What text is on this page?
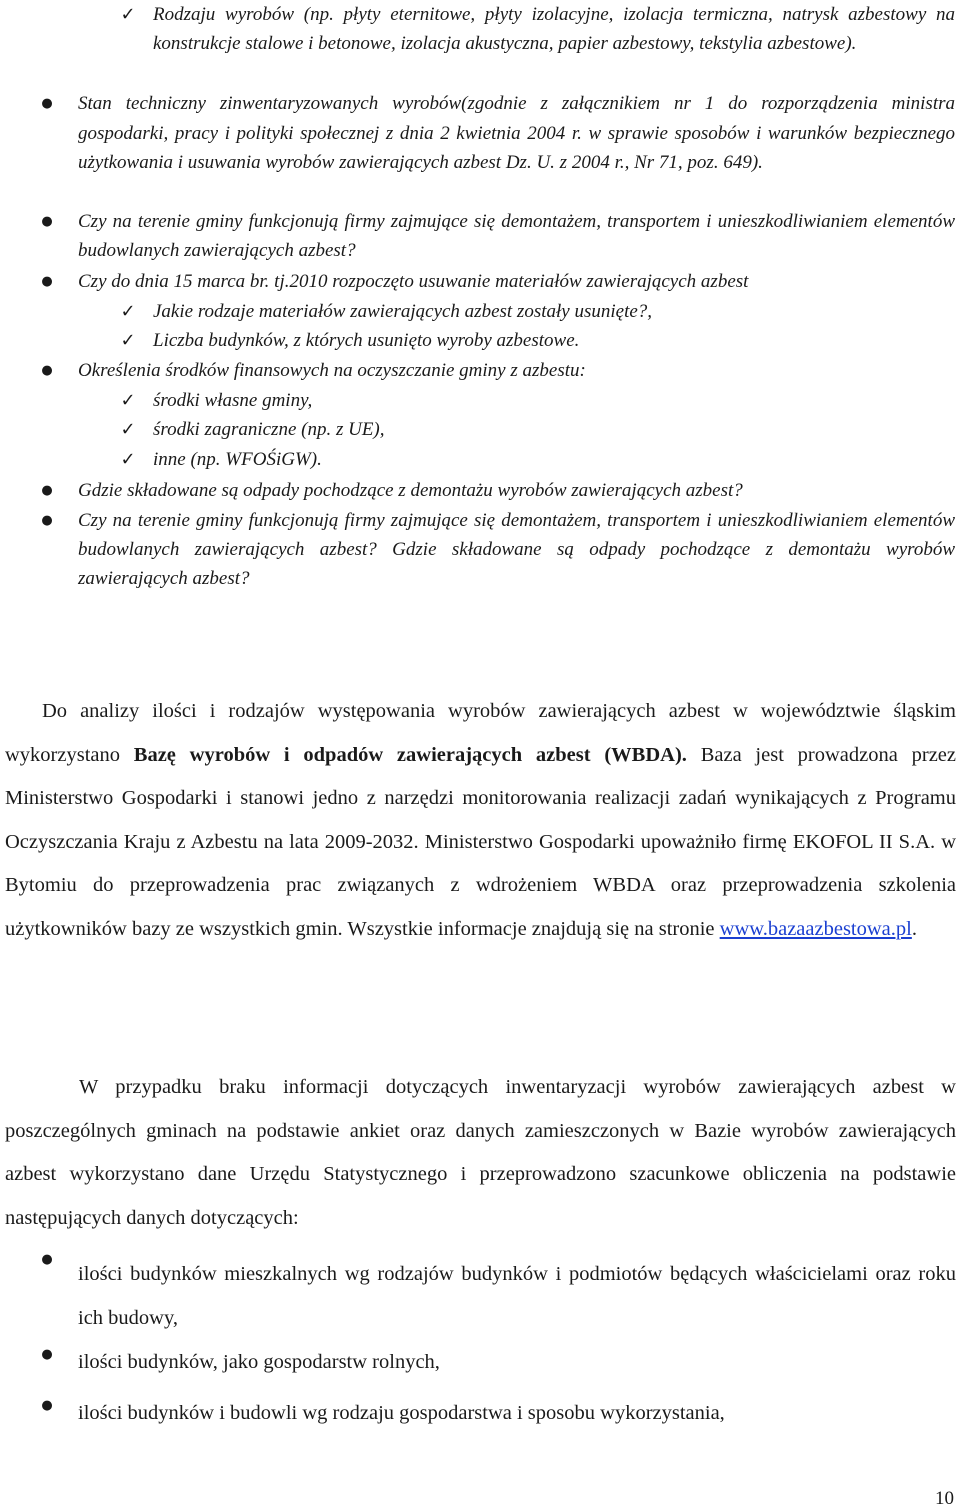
✓ Rodzaju wyrobów (np. płyty eternitowe, płyty izolacyjne, izolacja termiczna, natrysk azbestowy na konstrukcje stalowe i betonowe, izolacja akustyczna, papier azbestowy, tekstylia azbestowe).
● Stan techniczny zinwentaryzowanych wyrobów(zgodnie z załącznikiem nr 1 do rozporządzenia ministra gospodarki, pracy i polityki społecznej z dnia 2 kwietnia 2004 r. w sprawie sposobów i warunków bezpiecznego użytkowania i usuwania wyrobów zawierających azbest Dz. U. z 2004 r., Nr 71, poz. 649).
● Czy na terenie gminy funkcjonują firmy zajmujące się demontażem, transportem i unieszkodliwianiem elementów budowlanych zawierających azbest?
● Czy do dnia 15 marca br. tj.2010 rozpoczęto usuwanie materiałów zawierających azbest
✓ Jakie rodzaje materiałów zawierających azbest zostały usunięte?,
✓ Liczba budynków, z których usunięto wyroby azbestowe.
● Określenia środków finansowych na oczyszczanie gminy z azbestu:
✓ środki własne gminy,
✓ środki zagraniczne (np. z UE),
✓ inne (np. WFOŚiGW).
● Gdzie składowane są odpady pochodzące z demontażu wyrobów zawierających azbest?
● Czy na terenie gminy funkcjonują firmy zajmujące się demontażem, transportem i unieszkodliwianiem elementów budowlanych zawierających azbest? Gdzie składowane są odpady pochodzące z demontażu wyrobów zawierających azbest?
Do analizy ilości i rodzajów występowania wyrobów zawierających azbest w województwie śląskim wykorzystano Bazę wyrobów i odpadów zawierających azbest (WBDA). Baza jest prowadzona przez Ministerstwo Gospodarki i stanowi jedno z narzędzi monitorowania realizacji zadań wynikających z Programu Oczyszczania Kraju z Azbestu na lata 2009-2032. Ministerstwo Gospodarki upoważniło firmę EKOFOL II S.A. w Bytomiu do przeprowadzenia prac związanych z wdrożeniem WBDA oraz przeprowadzenia szkolenia użytkowników bazy ze wszystkich gmin. Wszystkie informacje znajdują się na stronie www.bazaazbestowa.pl.
W przypadku braku informacji dotyczących inwentaryzacji wyrobów zawierających azbest w poszczególnych gminach na podstawie ankiet oraz danych zamieszczonych w Bazie wyrobów zawierających azbest wykorzystano dane Urzędu Statystycznego i przeprowadzono szacunkowe obliczenia na podstawie następujących danych dotyczących:
●
ilości budynków mieszkalnych wg rodzajów budynków i podmiotów będących właścicielami oraz roku ich budowy,
● ilości budynków, jako gospodarstw rolnych,
● ilości budynków i budowli wg rodzaju gospodarstwa i sposobu wykorzystania,
10
